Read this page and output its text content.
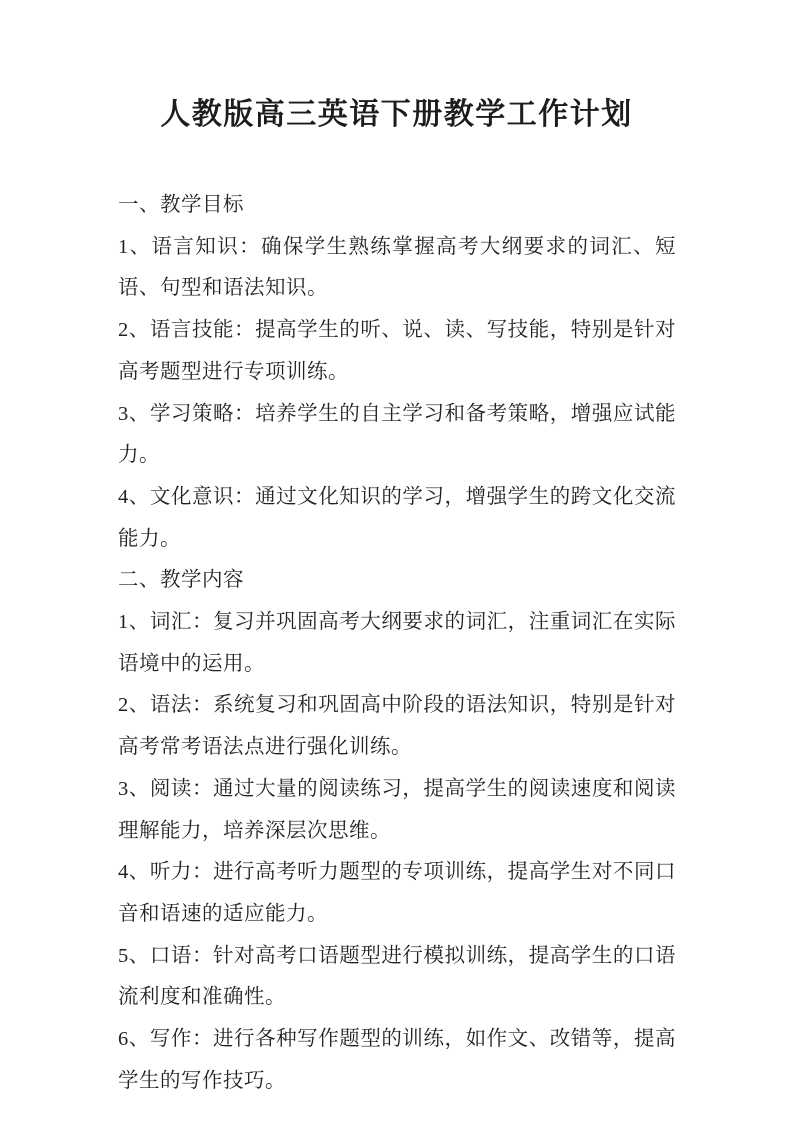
人教版高三英语下册教学工作计划

一、教学目标

1、语言知识：确保学生熟练掌握高考大纲要求的词汇、短语、句型和语法知识。

2、语言技能：提高学生的听、说、读、写技能，特别是针对高考题型进行专项训练。

3、学习策略：培养学生的自主学习和备考策略，增强应试能力。

4、文化意识：通过文化知识的学习，增强学生的跨文化交流能力。

二、教学内容

1、词汇：复习并巩固高考大纲要求的词汇，注重词汇在实际语境中的运用。

2、语法：系统复习和巩固高中阶段的语法知识，特别是针对高考常考语法点进行强化训练。

3、阅读：通过大量的阅读练习，提高学生的阅读速度和阅读理解能力，培养深层次思维。

4、听力：进行高考听力题型的专项训练，提高学生对不同口音和语速的适应能力。

5、口语：针对高考口语题型进行模拟训练，提高学生的口语流利度和准确性。

6、写作：进行各种写作题型的训练，如作文、改错等，提高学生的写作技巧。
